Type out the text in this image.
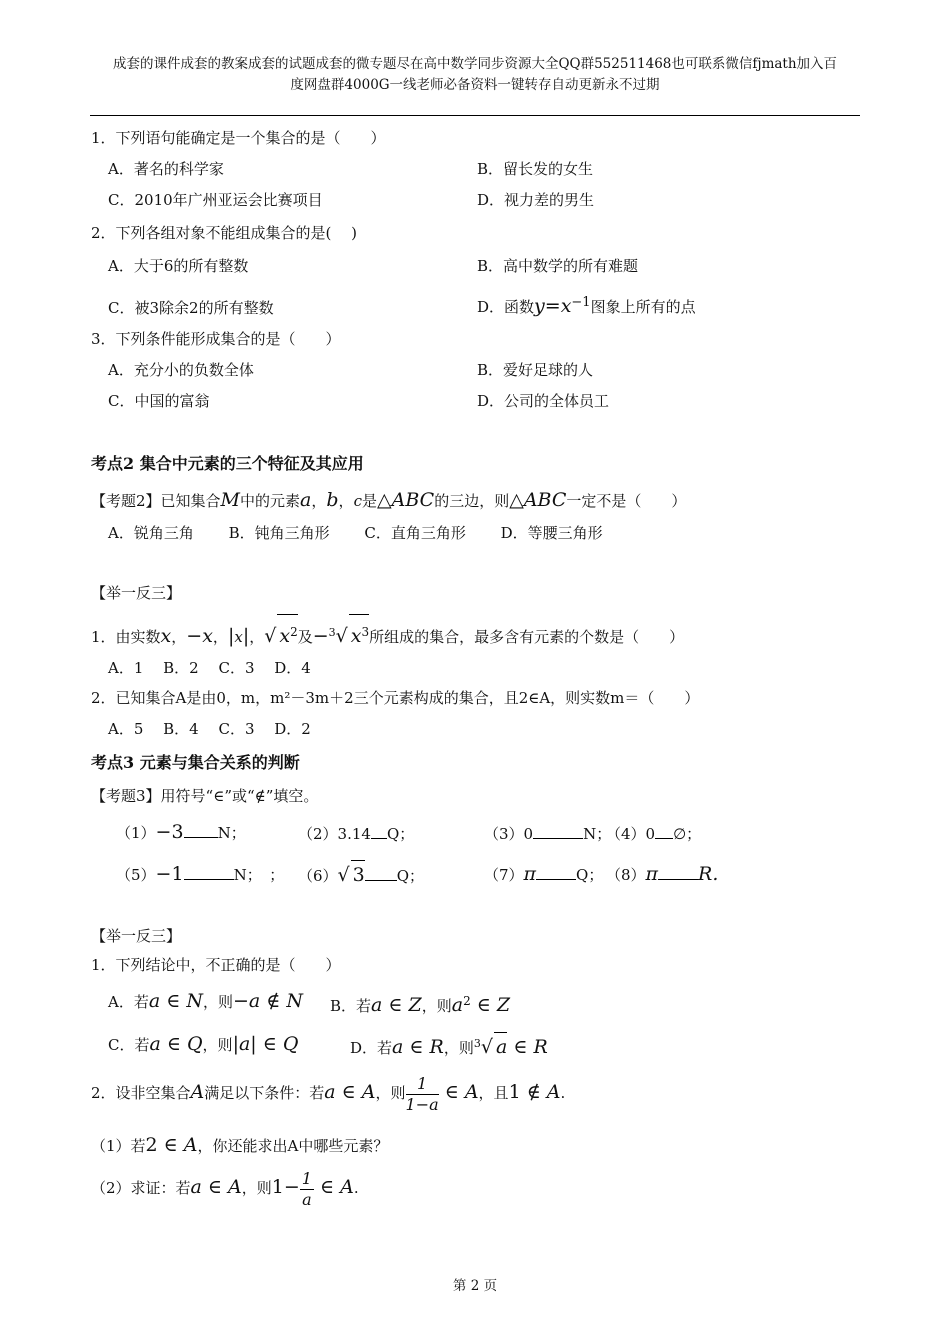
成套的课件成套的教案成套的试题成套的微专题尽在高中数学同步资源大全QQ群552511468也可联系微信fjmath加入百
度网盘群4000G一线老师必备资料一键转存自动更新永不过期
1．下列语句能确定是一个集合的是（　　）
A．著名的科学家	B．留长发的女生
C．2010年广州亚运会比赛项目	D．视力差的男生
2．下列各组对象不能组成集合的是(　 )
A．大于6的所有整数	B．高中数学的所有难题
C．被3除余2的所有整数	D．函数$y=x^{-1}$图象上所有的点
3．下列条件能形成集合的是（　　）
A．充分小的负数全体	B．爱好足球的人
C．中国的富翁	D．公司的全体员工
考点2 集合中元素的三个特征及其应用
【考题2】已知集合M中的元素a，b，c是△ABC的三边，则△ABC一定不是（　　）
A．锐角三角　　 B．钝角三角形　　 C．直角三角形　　 D．等腰三角形
【举一反三】
1．由实数x，−x，|x|，√ $x^2$及−$^3$√ $x^3$所组成的集合，最多含有元素的个数是（　　）
A．1　 B．2　 C．3　 D．4
2．已知集合A是由0，m，m²－3m＋2三个元素构成的集合，且2∈A，则实数m＝（　　）
A．5　 B．4　 C．3　 D．2
考点3 元素与集合关系的判断
【考题3】用符号“∈”或“∉”填空。
（1）−3 N；	（2）3.14 Q；	（3）0	N；
（4）0 ∅；
（5）−1	N；　； （6）√ 3 Q；	（7）π	Q； （8）π R.
【举一反三】
1．下列结论中，不正确的是（　　）
A．若a ∈ N，则−a ∉ N B．若a ∈ Z，则$a^2$ ∈ Z
C．若a ∈ Q，则|a| ∈ Q	D．若a ∈ R，则$^3$√ a ∈ R
2．设非空集合A满足以下条件：若a ∈ A，则 $\frac{1}{1-a}$ ∈ A，且1 ∉ A.
（1）若2 ∈ A，你还能求出A中哪些元素？
（2）求证：若a ∈ A，则$1- \frac{1}{a}$ ∈ A.
第 2 页
